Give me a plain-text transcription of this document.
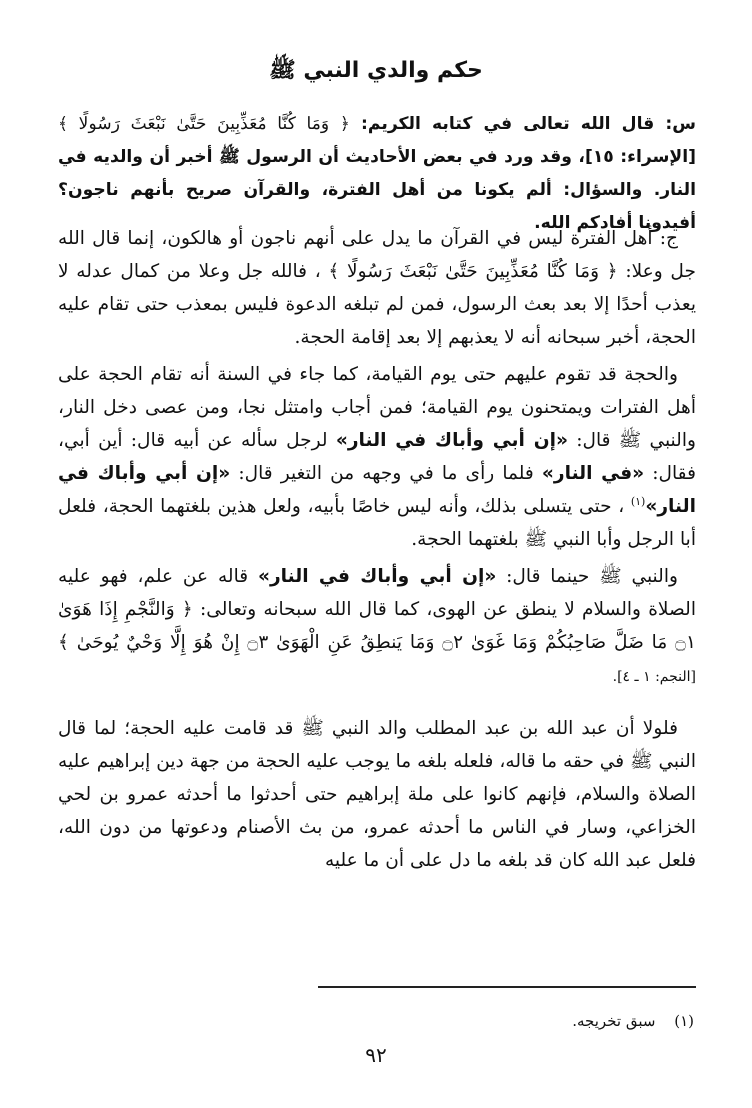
حكم والدي النبي ﷺ
س: قال الله تعالى في كتابه الكريم: ﴿ وَمَا كُنَّا مُعَذِّبِينَ حَتَّىٰ نَبْعَثَ رَسُولًا ﴾ [الإسراء: ١٥]، وقد ورد في بعض الأحاديث أن الرسول ﷺ أخبر أن والديه في النار. والسؤال: ألم يكونا من أهل الفترة، والقرآن صريح بأنهم ناجون؟ أفيدونا أفادكم الله.

ج: أهل الفترة ليس في القرآن ما يدل على أنهم ناجون أو هالكون، إنما قال الله جل وعلا: ﴿ وَمَا كُنَّا مُعَذِّبِينَ حَتَّىٰ نَبْعَثَ رَسُولًا ﴾ ، فالله جل وعلا من كمال عدله لا يعذب أحدًا إلا بعد بعث الرسول، فمن لم تبلغه الدعوة فليس بمعذب حتى تقام عليه الحجة، أخبر سبحانه أنه لا يعذبهم إلا بعد إقامة الحجة.

والحجة قد تقوم عليهم حتى يوم القيامة، كما جاء في السنة أنه تقام الحجة على أهل الفترات ويمتحنون يوم القيامة؛ فمن أجاب وامتثل نجا، ومن عصى دخل النار، والنبي ﷺ قال: «إن أبي وأباك في النار» لرجل سأله عن أبيه قال: أين أبي، فقال: «في النار» فلما رأى ما في وجهه من التغير قال: «إن أبي وأباك في النار»$^{(١)}$ ، حتى يتسلى بذلك، وأنه ليس خاصًا بأبيه، ولعل هذين بلغتهما الحجة، فلعل أبا الرجل وأبا النبي ﷺ بلغتهما الحجة.

والنبي ﷺ حينما قال: «إن أبي وأباك في النار» قاله عن علم، فهو عليه الصلاة والسلام لا ينطق عن الهوى، كما قال الله سبحانه وتعالى: ﴿ وَالنَّجْمِ إِذَا هَوَىٰ ۝١ مَا ضَلَّ صَاحِبُكُمْ وَمَا غَوَىٰ ۝٢ وَمَا يَنطِقُ عَنِ الْهَوَىٰ ۝٣ إِنْ هُوَ إِلَّا وَحْيٌ يُوحَىٰ ﴾ [النجم: ١ ـ ٤].

فلولا أن عبد الله بن عبد المطلب والد النبي ﷺ قد قامت عليه الحجة؛ لما قال النبي ﷺ في حقه ما قاله، فلعله بلغه ما يوجب عليه الحجة من جهة دين إبراهيم عليه الصلاة والسلام، فإنهم كانوا على ملة إبراهيم حتى أحدثوا ما أحدثه عمرو بن لحي الخزاعي، وسار في الناس ما أحدثه عمرو، من بث الأصنام ودعوتها من دون الله، فلعل عبد الله كان قد بلغه ما دل على أن ما عليه

(١) سبق تخريجه.
٩٢
